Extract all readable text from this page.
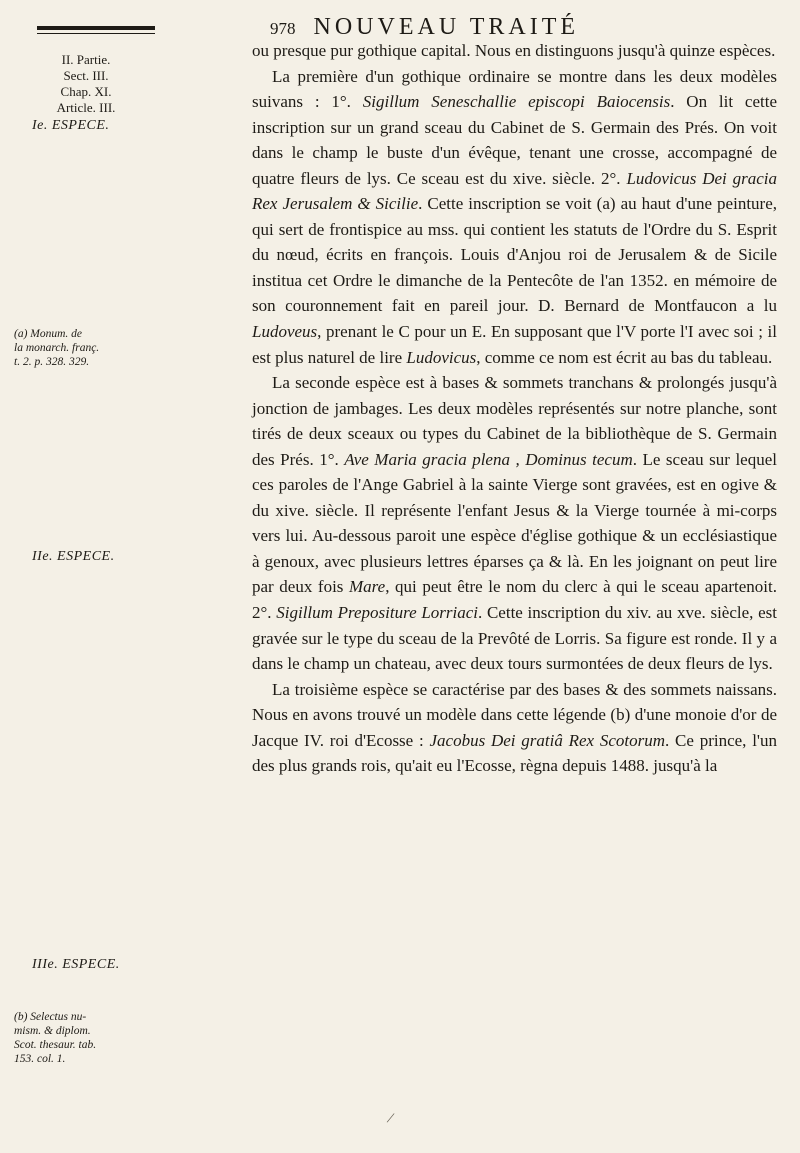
978 NOUVEAU TRAITÉ
II. Partie.
Sect. III.
Chap. XI.
Article. III.
Ie. ESPECE.
(a) Monum. de
la monarch. franç.
t. 2. p. 328. 329.
IIe. ESPECE.
IIIe. ESPECE.
(b) Selectus nu-
mism. & diplom.
Scot. thesaur. tab.
153. col. 1.

ou presque pur gothique capital. Nous en distinguons jusqu'à quinze espèces.

La première d'un gothique ordinaire se montre dans les deux modèles suivans : 1°. Sigillum Seneschallie episcopi Baiocensis. On lit cette inscription sur un grand sceau du Cabinet de S. Germain des Prés. On voit dans le champ le buste d'un évêque, tenant une crosse, accompagné de quatre fleurs de lys. Ce sceau est du xive. siècle. 2°. Ludovicus Dei gracia Rex Jerusalem & Sicilie. Cette inscription se voit (a) au haut d'une peinture, qui sert de frontispice au mss. qui contient les statuts de l'Ordre du S. Esprit du nœud, écrits en françois. Louis d'Anjou roi de Jerusalem & de Sicile institua cet Ordre le dimanche de la Pentecôte de l'an 1352. en mémoire de son couronnement fait en pareil jour. D. Bernard de Montfaucon a lu Ludoveus, prenant le C pour un E. En supposant que l'V porte l'I avec soi ; il est plus naturel de lire Ludovicus, comme ce nom est écrit au bas du tableau.

La seconde espèce est à bases & sommets tranchans & prolongés jusqu'à jonction de jambages. Les deux modèles représentés sur notre planche, sont tirés de deux sceaux ou types du Cabinet de la bibliothèque de S. Germain des Prés. 1°. Ave Maria gracia plena , Dominus tecum. Le sceau sur lequel ces paroles de l'Ange Gabriel à la sainte Vierge sont gravées, est en ogive & du xive. siècle. Il représente l'enfant Jesus & la Vierge tournée à mi-corps vers lui. Au-dessous paroit une espèce d'église gothique & un ecclésiastique à genoux, avec plusieurs lettres éparses ça & là. En les joignant on peut lire par deux fois Mare, qui peut être le nom du clerc à qui le sceau apartenoit. 2°. Sigillum Prepositure Lorriaci. Cette inscription du xiv. au xve. siècle, est gravée sur le type du sceau de la Prevôté de Lorris. Sa figure est ronde. Il y a dans le champ un chateau, avec deux tours surmontées de deux fleurs de lys.

La troisième espèce se caractérise par des bases & des sommets naissans. Nous en avons trouvé un modèle dans cette légende (b) d'une monoie d'or de Jacque IV. roi d'Ecosse : Jacobus Dei gratiâ Rex Scotorum. Ce prince, l'un des plus grands rois, qu'ait eu l'Ecosse, règna depuis 1488. jusqu'à la

/
